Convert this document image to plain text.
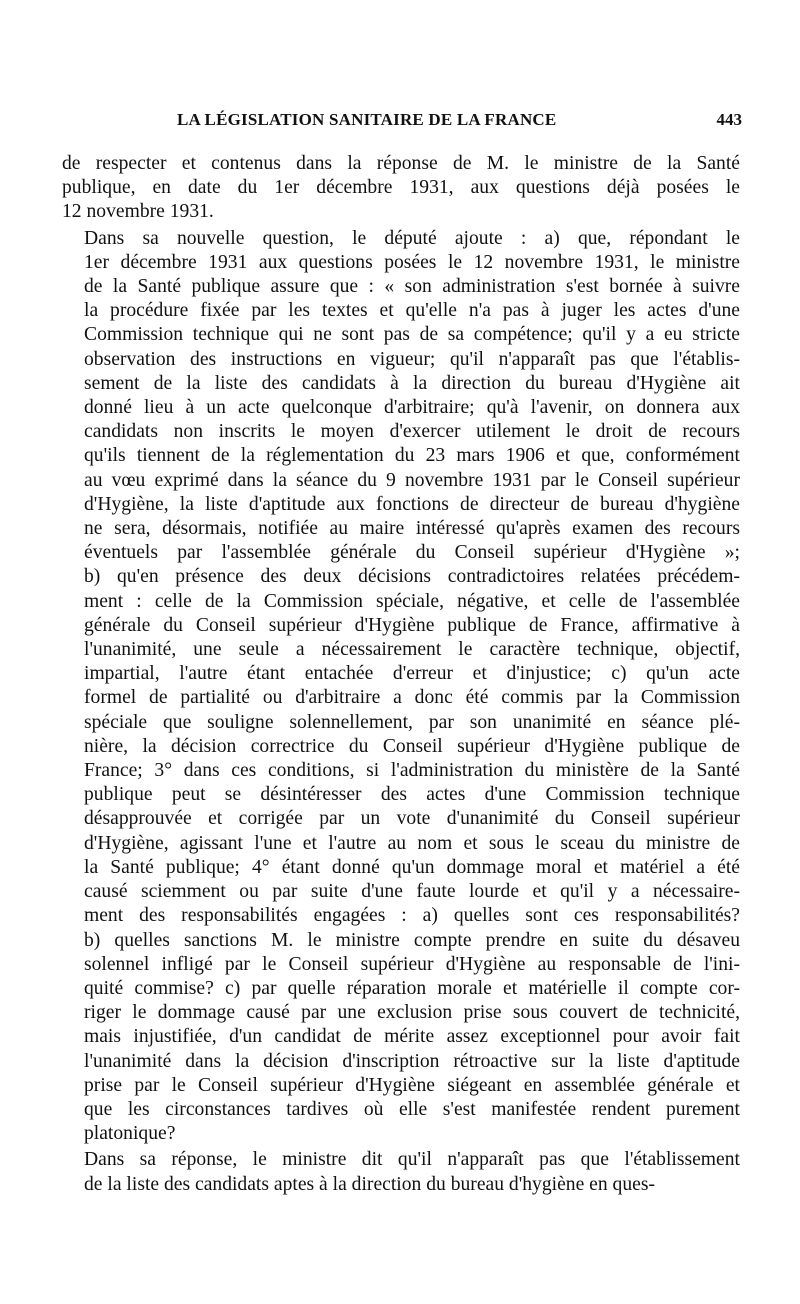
LA LÉGISLATION SANITAIRE DE LA FRANCE	443
de respecter et contenus dans la réponse de M. le ministre de la Santé
publique, en date du 1er décembre 1931, aux questions déjà posées le
12 novembre 1931.
Dans sa nouvelle question, le député ajoute : a) que, répondant le
1er décembre 1931 aux questions posées le 12 novembre 1931, le ministre
de la Santé publique assure que : « son administration s'est bornée à suivre
la procédure fixée par les textes et qu'elle n'a pas à juger les actes d'une
Commission technique qui ne sont pas de sa compétence; qu'il y a eu stricte
observation des instructions en vigueur; qu'il n'apparaît pas que l'établis-
sement de la liste des candidats à la direction du bureau d'Hygiène ait
donné lieu à un acte quelconque d'arbitraire; qu'à l'avenir, on donnera aux
candidats non inscrits le moyen d'exercer utilement le droit de recours
qu'ils tiennent de la réglementation du 23 mars 1906 et que, conformément
au vœu exprimé dans la séance du 9 novembre 1931 par le Conseil supérieur
d'Hygiène, la liste d'aptitude aux fonctions de directeur de bureau d'hygiène
ne sera, désormais, notifiée au maire intéressé qu'après examen des recours
éventuels par l'assemblée générale du Conseil supérieur d'Hygiène »;
b) qu'en présence des deux décisions contradictoires relatées précédem-
ment : celle de la Commission spéciale, négative, et celle de l'assemblée
générale du Conseil supérieur d'Hygiène publique de France, affirmative à
l'unanimité, une seule a nécessairement le caractère technique, objectif,
impartial, l'autre étant entachée d'erreur et d'injustice; c) qu'un acte
formel de partialité ou d'arbitraire a donc été commis par la Commission
spéciale que souligne solennellement, par son unanimité en séance plé-
nière, la décision correctrice du Conseil supérieur d'Hygiène publique de
France; 3° dans ces conditions, si l'administration du ministère de la Santé
publique peut se désintéresser des actes d'une Commission technique
désapprouvée et corrigée par un vote d'unanimité du Conseil supérieur
d'Hygiène, agissant l'une et l'autre au nom et sous le sceau du ministre de
la Santé publique; 4° étant donné qu'un dommage moral et matériel a été
causé sciemment ou par suite d'une faute lourde et qu'il y a nécessaire-
ment des responsabilités engagées : a) quelles sont ces responsabilités?
b) quelles sanctions M. le ministre compte prendre en suite du désaveu
solennel infligé par le Conseil supérieur d'Hygiène au responsable de l'ini-
quité commise? c) par quelle réparation morale et matérielle il compte cor-
riger le dommage causé par une exclusion prise sous couvert de technicité,
mais injustifiée, d'un candidat de mérite assez exceptionnel pour avoir fait
l'unanimité dans la décision d'inscription rétroactive sur la liste d'aptitude
prise par le Conseil supérieur d'Hygiène siégeant en assemblée générale et
que les circonstances tardives où elle s'est manifestée rendent purement
platonique?
Dans sa réponse, le ministre dit qu'il n'apparaît pas que l'établissement
de la liste des candidats aptes à la direction du bureau d'hygiène en ques-
